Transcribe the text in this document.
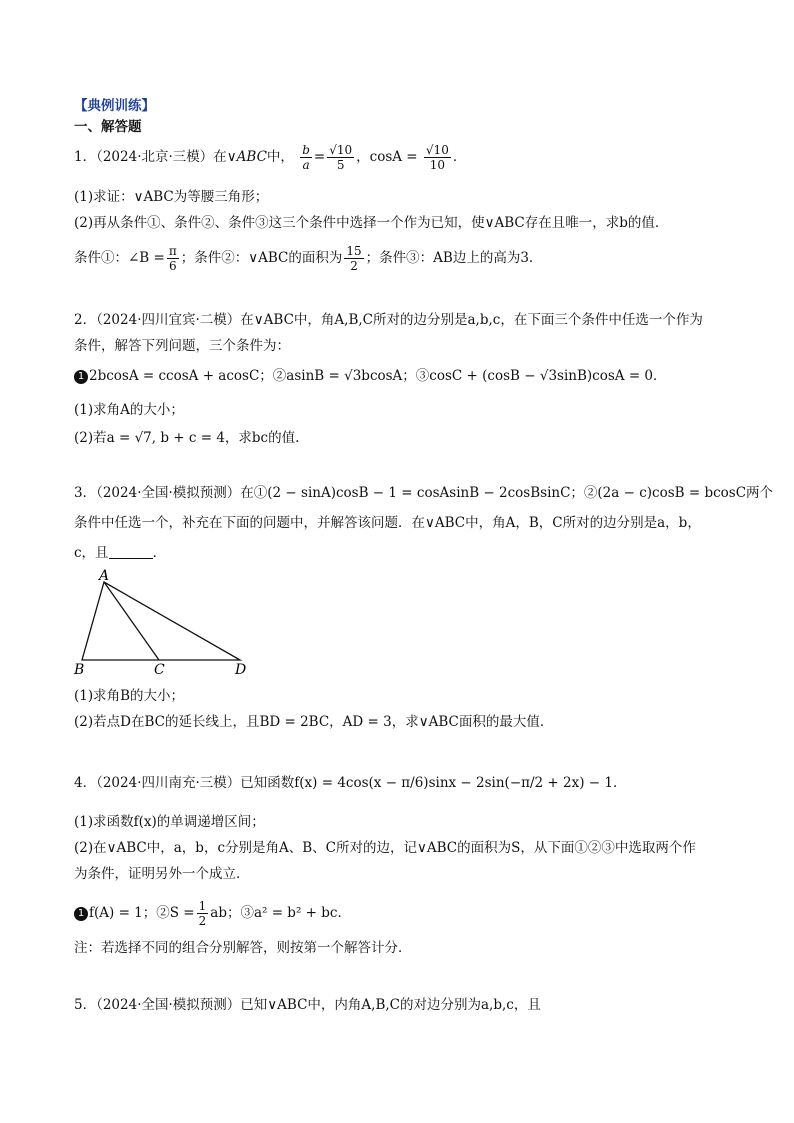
【典例训练】
一、解答题
1．（2024·北京·三模）在∨ABC中， $\frac{b}{a} = \frac{√10}{5}$ ，$\cos A = \frac{√10}{10}$ ．
(1)求证：∨ABC为等腰三角形；
(2)再从条件①、条件②、条件③这三个条件中选择一个作为已知，使∨ABC存在且唯一，求b的值．
条件①：∠B = $\frac{\pi}{6}$ ；条件②：∨ABC的面积为 $\frac{15}{2}$ ；条件③：AB边上的高为3．
2．（2024·四川宜宾·二模）在∨ABC中，角A,B,C所对的边分别是a,b,c，在下面三个条件中任选一个作为
条件，解答下列问题，三个条件为：
1 2bcosA = ccosA + acosC；②asinB = √3bcosA；③cosC + (cosB − √3sinB)cosA = 0．
(1)求角A的大小；
(2)若a = √7, b + c = 4，求bc的值.
3．（2024·全国·模拟预测）在①(2 − sinA)cosB − 1 = cosAsinB − 2cosBsinC；②(2a − c)cosB = bcosC两个
条件中任选一个，补充在下面的问题中，并解答该问题．在∨ABC中，角A，B，C所对的边分别是a，b，
c，且	．
A
B	C	D
(1)求角B的大小；
(2)若点D在BC的延长线上，且BD = 2BC，AD = 3，求∨ABC面积的最大值．
4．（2024·四川南充·三模）已知函数f(x) = 4cos(x − π/6)sinx − 2sin(−π/2 + 2x) − 1．
(1)求函数f(x)的单调递增区间；
(2)在∨ABC中，a，b，c分别是角A、B、C所对的边，记∨ABC的面积为S，从下面①②③中选取两个作
为条件，证明另外一个成立．
1 f(A) = 1；②S = $\frac{1}{2}$ ab；③a² = b² + bc．
注：若选择不同的组合分别解答，则按第一个解答计分．
5．（2024·全国·模拟预测）已知∨ABC中，内角A,B,C的对边分别为a,b,c，且
